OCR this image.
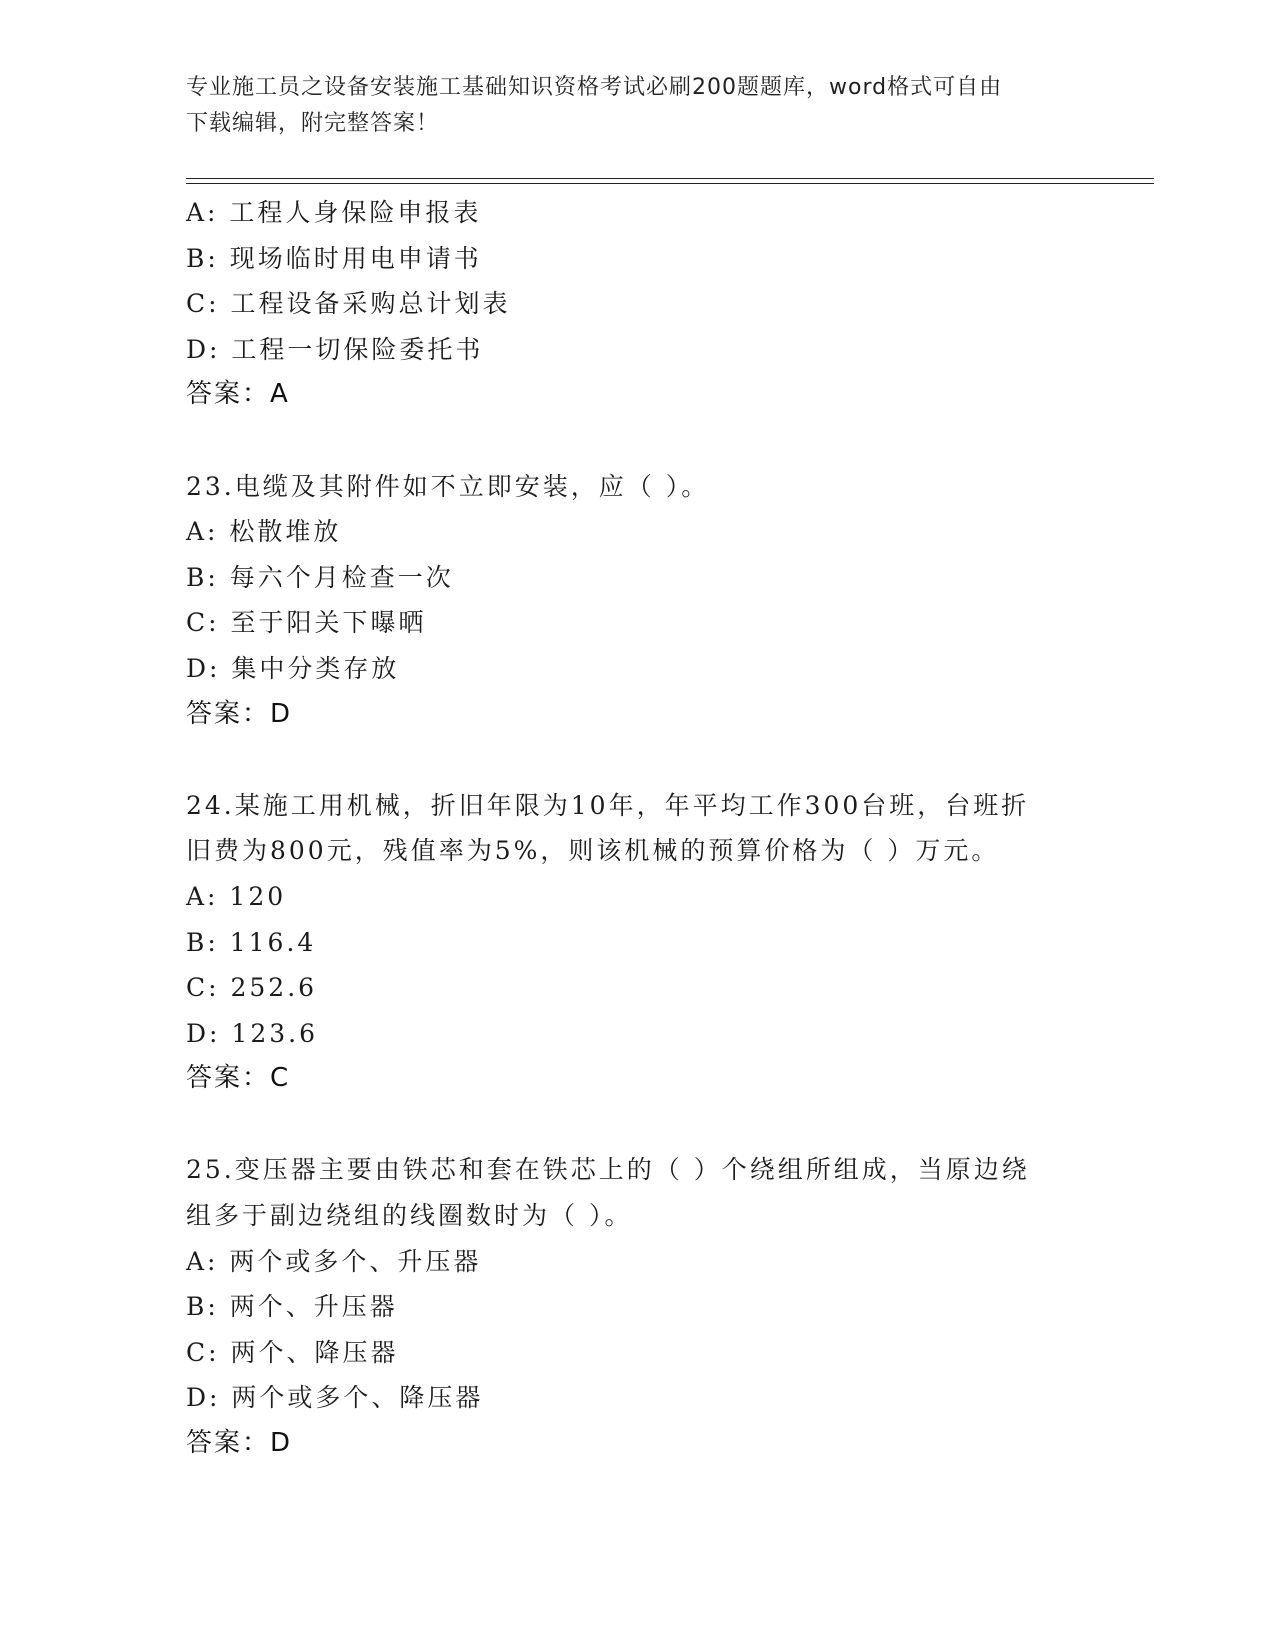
专业施工员之设备安装施工基础知识资格考试必刷200题题库，word格式可自由
下载编辑，附完整答案！
A: 工程人身保险申报表
B: 现场临时用电申请书
C: 工程设备采购总计划表
D: 工程一切保险委托书
答案：A
23.电缆及其附件如不立即安装，应（ ）。
A: 松散堆放
B: 每六个月检查一次
C: 至于阳关下曝晒
D: 集中分类存放
答案：D
24.某施工用机械，折旧年限为10年，年平均工作300台班，台班折
旧费为800元，残值率为5%，则该机械的预算价格为（ ）万元。
A: 120
B: 116.4
C: 252.6
D: 123.6
答案：C
25.变压器主要由铁芯和套在铁芯上的（ ）个绕组所组成，当原边绕
组多于副边绕组的线圈数时为（ ）。
A: 两个或多个、升压器
B: 两个、升压器
C: 两个、降压器
D: 两个或多个、降压器
答案：D
